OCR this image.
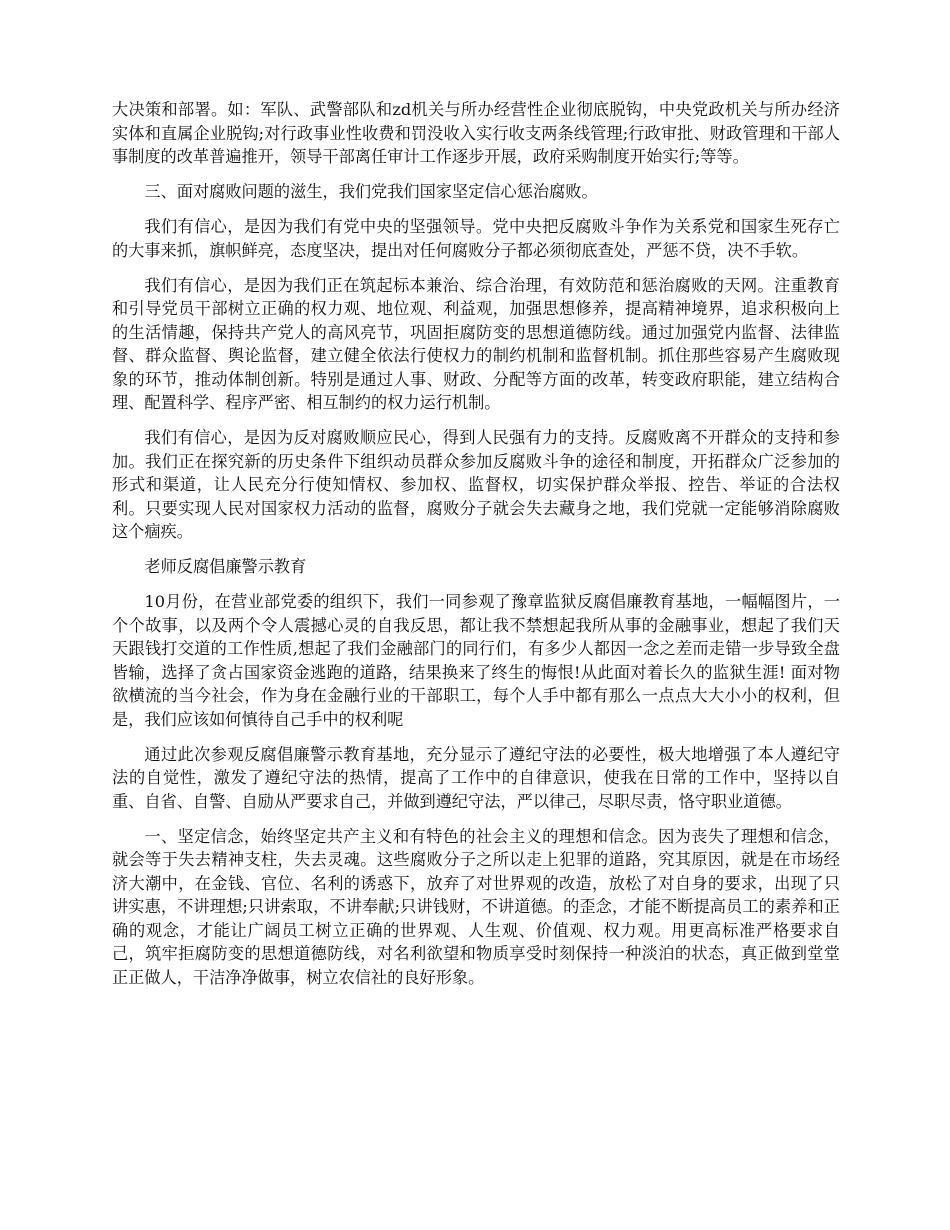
大决策和部署。如：军队、武警部队和zd机关与所办经营性企业彻底脱钩，中央党政机关与所办经济实体和直属企业脱钩;对行政事业性收费和罚没收入实行收支两条线管理;行政审批、财政管理和干部人事制度的改革普遍推开，领导干部离任审计工作逐步开展，政府采购制度开始实行;等等。

三、面对腐败问题的滋生，我们党我们国家坚定信心惩治腐败。

我们有信心，是因为我们有党中央的坚强领导。党中央把反腐败斗争作为关系党和国家生死存亡的大事来抓，旗帜鲜亮，态度坚决，提出对任何腐败分子都必须彻底查处，严惩不贷，决不手软。

我们有信心，是因为我们正在筑起标本兼治、综合治理，有效防范和惩治腐败的天网。注重教育和引导党员干部树立正确的权力观、地位观、利益观，加强思想修养，提高精神境界，追求积极向上的生活情趣，保持共产党人的高风亮节，巩固拒腐防变的思想道德防线。通过加强党内监督、法律监督、群众监督、舆论监督，建立健全依法行使权力的制约机制和监督机制。抓住那些容易产生腐败现象的环节，推动体制创新。特别是通过人事、财政、分配等方面的改革，转变政府职能，建立结构合理、配置科学、程序严密、相互制约的权力运行机制。

我们有信心，是因为反对腐败顺应民心，得到人民强有力的支持。反腐败离不开群众的支持和参加。我们正在探究新的历史条件下组织动员群众参加反腐败斗争的途径和制度，开拓群众广泛参加的形式和渠道，让人民充分行使知情权、参加权、监督权，切实保护群众举报、控告、举证的合法权利。只要实现人民对国家权力活动的监督，腐败分子就会失去藏身之地，我们党就一定能够消除腐败这个痼疾。

老师反腐倡廉警示教育

10月份，在营业部党委的组织下，我们一同参观了豫章监狱反腐倡廉教育基地，一幅幅图片，一个个故事，以及两个令人震撼心灵的自我反思，都让我不禁想起我所从事的金融事业，想起了我们天天跟钱打交道的工作性质,想起了我们金融部门的同行们，有多少人都因一念之差而走错一步导致全盘皆输，选择了贪占国家资金逃跑的道路，结果换来了终生的悔恨!从此面对着长久的监狱生涯! 面对物欲横流的当今社会，作为身在金融行业的干部职工，每个人手中都有那么一点点大大小小的权利，但是，我们应该如何慎待自己手中的权利呢

通过此次参观反腐倡廉警示教育基地，充分显示了遵纪守法的必要性，极大地增强了本人遵纪守法的自觉性，激发了遵纪守法的热情，提高了工作中的自律意识，使我在日常的工作中，坚持以自重、自省、自警、自励从严要求自己，并做到遵纪守法，严以律己，尽职尽责，恪守职业道德。

一、坚定信念，始终坚定共产主义和有特色的社会主义的理想和信念。因为丧失了理想和信念，就会等于失去精神支柱，失去灵魂。这些腐败分子之所以走上犯罪的道路，究其原因，就是在市场经济大潮中，在金钱、官位、名利的诱惑下，放弃了对世界观的改造，放松了对自身的要求，出现了只讲实惠，不讲理想;只讲索取，不讲奉献;只讲钱财，不讲道德。的歪念，才能不断提高员工的素养和正确的观念，才能让广阔员工树立正确的世界观、人生观、价值观、权力观。用更高标准严格要求自己，筑牢拒腐防变的思想道德防线，对名利欲望和物质享受时刻保持一种淡泊的状态，真正做到堂堂正正做人，干洁净净做事，树立农信社的良好形象。
